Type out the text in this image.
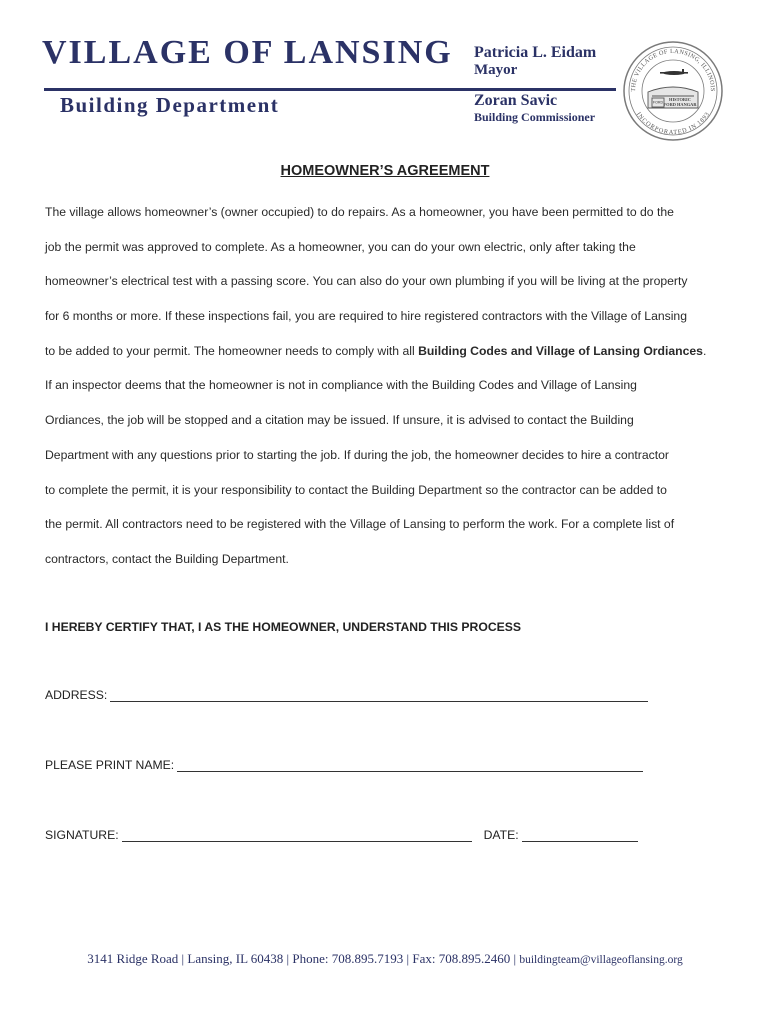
VILLAGE OF LANSING
Building Department
Patricia L. Eidam
Mayor
Zoran Savic
Building Commissioner
THE VILLAGE OF LANSING, ILLINOIS
INCORPORATED IN 1893
FORD
HISTORIC
FORD HANGAR
HOMEOWNER’S AGREEMENT
The village allows homeowner’s (owner occupied) to do repairs. As a homeowner, you have been permitted to do the
job the permit was approved to complete. As a homeowner, you can do your own electric, only after taking the
homeowner’s electrical test with a passing score. You can also do your own plumbing if you will be living at the property
for 6 months or more. If these inspections fail, you are required to hire registered contractors with the Village of Lansing
to be added to your permit. The homeowner needs to comply with all Building Codes and Village of Lansing Ordiances.
If an inspector deems that the homeowner is not in compliance with the Building Codes and Village of Lansing
Ordiances, the job will be stopped and a citation may be issued. If unsure, it is advised to contact the Building
Department with any questions prior to starting the job. If during the job, the homeowner decides to hire a contractor
to complete the permit, it is your responsibility to contact the Building Department so the contractor can be added to
the permit. All contractors need to be registered with the Village of Lansing to perform the work. For a complete list of
contractors, contact the Building Department.
I HEREBY CERTIFY THAT, I AS THE HOMEOWNER, UNDERSTAND THIS PROCESS
ADDRESS:
PLEASE PRINT NAME:
SIGNATURE:	DATE:
3141 Ridge Road | Lansing, IL 60438 | Phone: 708.895.7193 | Fax: 708.895.2460 | buildingteam@villageoflansing.org
